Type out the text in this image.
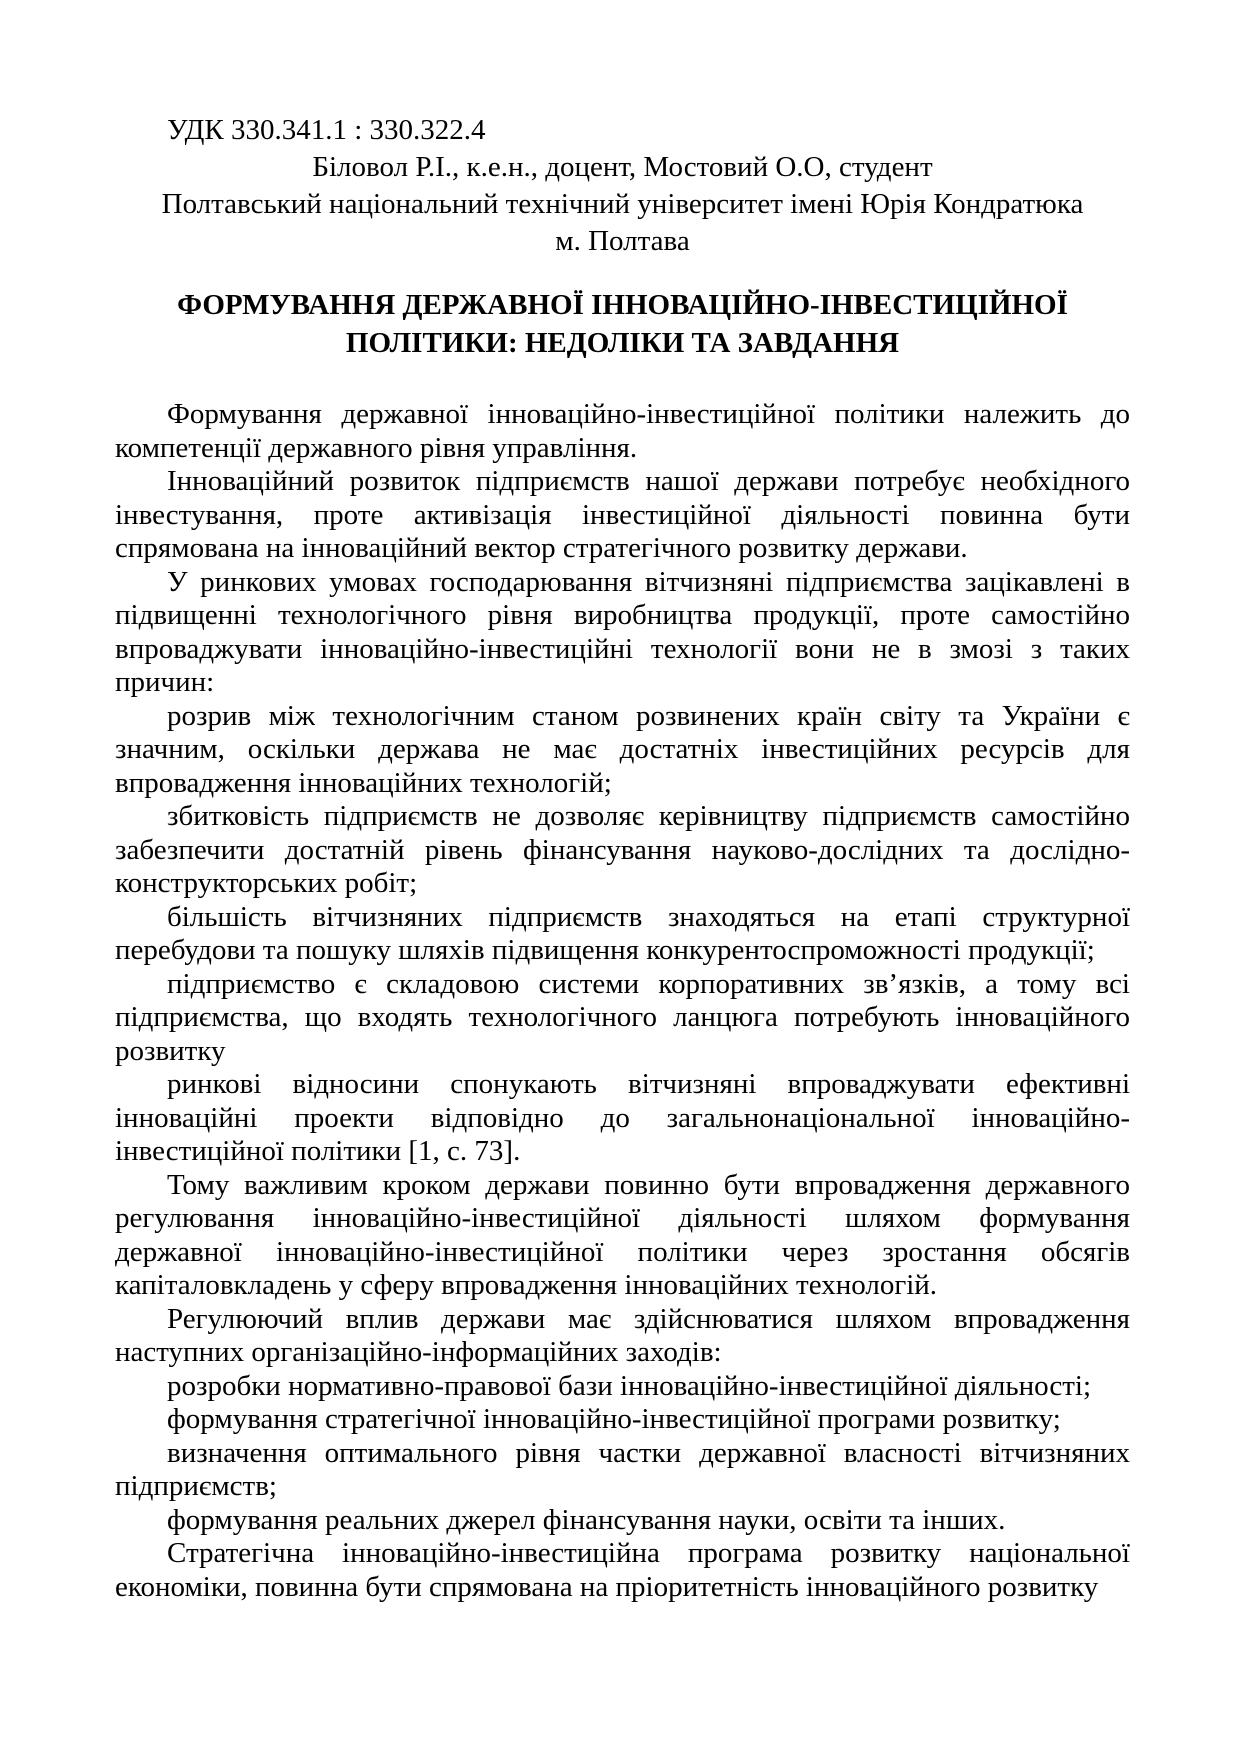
УДК 330.341.1 : 330.322.4
Біловол Р.І., к.е.н., доцент, Мостовий О.О, студент
Полтавський національний технічний університет імені Юрія Кондратюка
м. Полтава
ФОРМУВАННЯ ДЕРЖАВНОЇ ІННОВАЦІЙНО-ІНВЕСТИЦІЙНОЇ
ПОЛІТИКИ: НЕДОЛІКИ ТА ЗАВДАННЯ

Формування державної інноваційно-інвестиційної політики належить до компетенції державного рівня управління.

Інноваційний розвиток підприємств нашої держави потребує необхідного інвестування, проте активізація інвестиційної діяльності повинна бути спрямована на інноваційний вектор стратегічного розвитку держави.

У ринкових умовах господарювання вітчизняні підприємства зацікавлені в підвищенні технологічного рівня виробництва продукції, проте самостійно впроваджувати інноваційно-інвестиційні технології вони не в змозі з таких причин:

розрив між технологічним станом розвинених країн світу та України є значним, оскільки держава не має достатніх інвестиційних ресурсів для впровадження інноваційних технологій;

збитковість підприємств не дозволяє керівництву підприємств самостійно забезпечити достатній рівень фінансування науково-дослідних та дослідно-конструкторських робіт;

більшість вітчизняних підприємств знаходяться на етапі структурної перебудови та пошуку шляхів підвищення конкурентоспроможності продукції;

підприємство є складовою системи корпоративних зв’язків, а тому всі підприємства, що входять технологічного ланцюга потребують інноваційного розвитку

ринкові відносини спонукають вітчизняні впроваджувати ефективні інноваційні проекти відповідно до загальнонаціональної інноваційно-інвестиційної політики [1, с. 73].

Тому важливим кроком держави повинно бути впровадження державного регулювання інноваційно-інвестиційної діяльності шляхом формування державної інноваційно-інвестиційної політики через зростання обсягів капіталовкладень у сферу впровадження інноваційних технологій.

Регулюючий вплив держави має здійснюватися шляхом впровадження наступних організаційно-інформаційних заходів:

розробки нормативно-правової бази інноваційно-інвестиційної діяльності;

формування стратегічної інноваційно-інвестиційної програми розвитку;

визначення оптимального рівня частки державної власності вітчизняних підприємств;

формування реальних джерел фінансування науки, освіти та інших.

Стратегічна інноваційно-інвестиційна програма розвитку національної економіки, повинна бути спрямована на пріоритетність інноваційного розвитку
